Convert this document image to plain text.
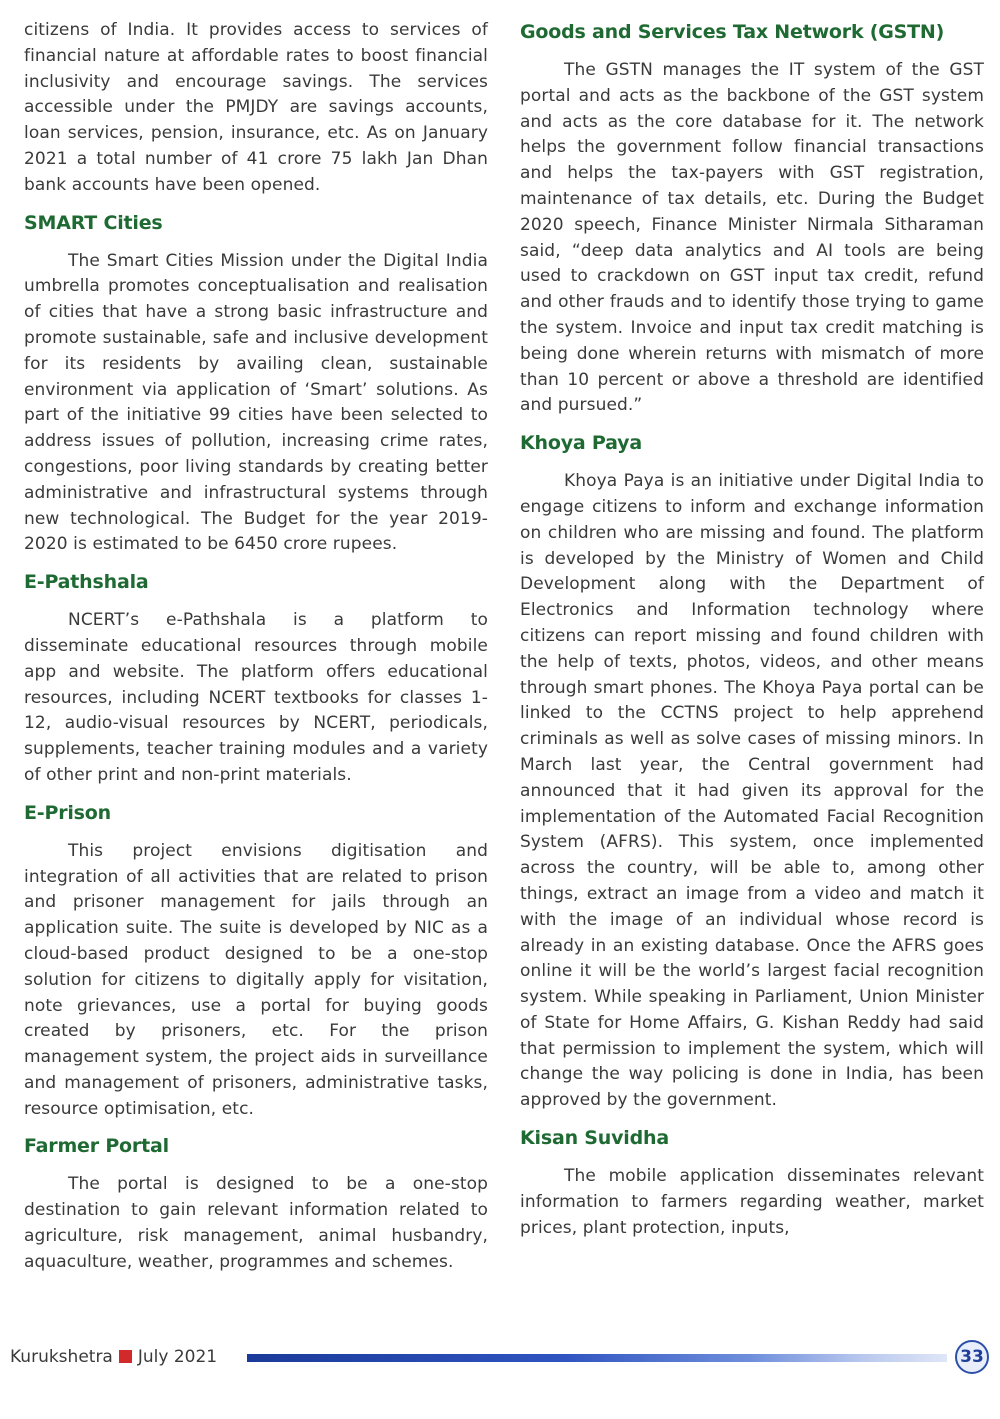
citizens of India. It provides access to services of financial nature at affordable rates to boost financial inclusivity and encourage savings. The services accessible under the PMJDY are savings accounts, loan services, pension, insurance, etc. As on January 2021 a total number of 41 crore 75 lakh Jan Dhan bank accounts have been opened.

SMART Cities

The Smart Cities Mission under the Digital India umbrella promotes conceptualisation and realisation of cities that have a strong basic infrastructure and promote sustainable, safe and inclusive development for its residents by availing clean, sustainable environment via application of ‘Smart’ solutions. As part of the initiative 99 cities have been selected to address issues of pollution, increasing crime rates, congestions, poor living standards by creating better administrative and infrastructural systems through new technological. The Budget for the year 2019-2020 is estimated to be 6450 crore rupees.

E-Pathshala

NCERT’s e-Pathshala is a platform to disseminate educational resources through mobile app and website. The platform offers educational resources, including NCERT textbooks for classes 1-12, audio-visual resources by NCERT, periodicals, supplements, teacher training modules and a variety of other print and non-print materials.

E-Prison

This project envisions digitisation and integration of all activities that are related to prison and prisoner management for jails through an application suite. The suite is developed by NIC as a cloud-based product designed to be a one-stop solution for citizens to digitally apply for visitation, note grievances, use a portal for buying goods created by prisoners, etc. For the prison management system, the project aids in surveillance and management of prisoners, administrative tasks, resource optimisation, etc.

Farmer Portal

The portal is designed to be a one-stop destination to gain relevant information related to agriculture, risk management, animal husbandry, aquaculture, weather, programmes and schemes.

Goods and Services Tax Network (GSTN)

The GSTN manages the IT system of the GST portal and acts as the backbone of the GST system and acts as the core database for it. The network helps the government follow financial transactions and helps the tax-payers with GST registration, maintenance of tax details, etc. During the Budget 2020 speech, Finance Minister Nirmala Sitharaman said, “deep data analytics and AI tools are being used to crackdown on GST input tax credit, refund and other frauds and to identify those trying to game the system. Invoice and input tax credit matching is being done wherein returns with mismatch of more than 10 percent or above a threshold are identified and pursued.”

Khoya Paya

Khoya Paya is an initiative under Digital India to engage citizens to inform and exchange information on children who are missing and found. The platform is developed by the Ministry of Women and Child Development along with the Department of Electronics and Information technology where citizens can report missing and found children with the help of texts, photos, videos, and other means through smart phones. The Khoya Paya portal can be linked to the CCTNS project to help apprehend criminals as well as solve cases of missing minors. In March last year, the Central government had announced that it had given its approval for the implementation of the Automated Facial Recognition System (AFRS). This system, once implemented across the country, will be able to, among other things, extract an image from a video and match it with the image of an individual whose record is already in an existing database. Once the AFRS goes online it will be the world’s largest facial recognition system. While speaking in Parliament, Union Minister of State for Home Affairs, G. Kishan Reddy had said that permission to implement the system, which will change the way policing is done in India, has been approved by the government.

Kisan Suvidha

The mobile application disseminates relevant information to farmers regarding weather, market prices, plant protection, inputs,

Kurukshetra July 2021	33
